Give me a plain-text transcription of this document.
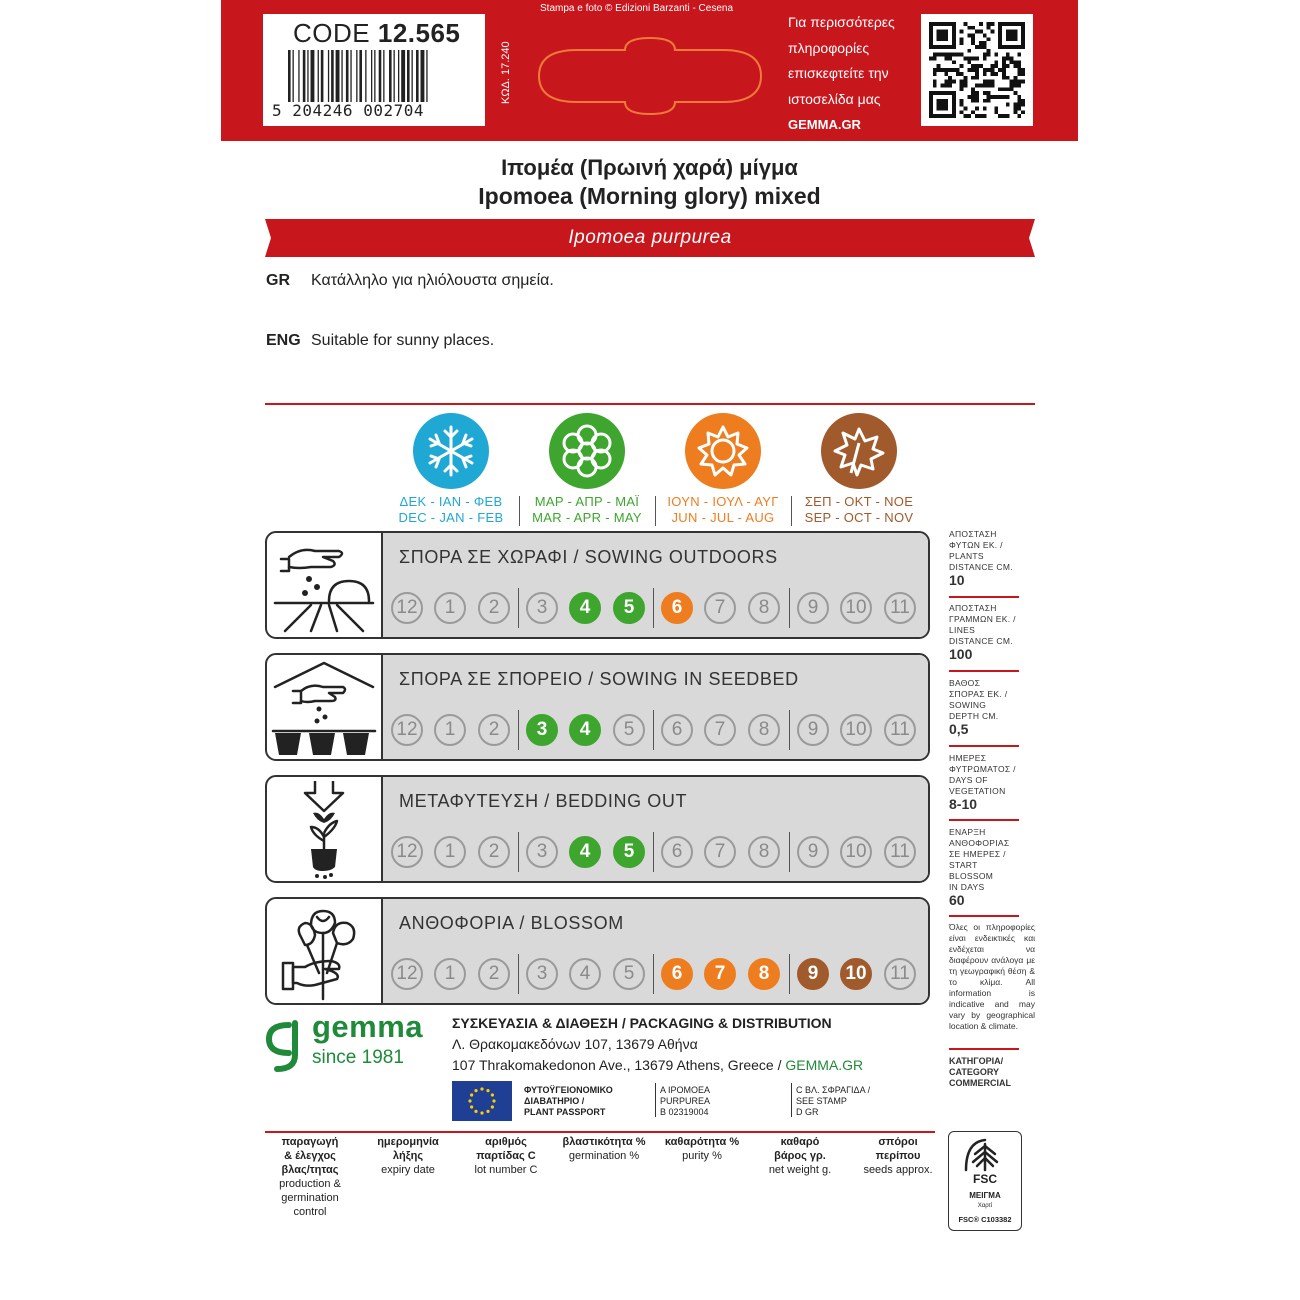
CODE 12.565
5 204246 002704
ΚΩΔ. 17.240
Stampa e foto © Edizioni Barzanti - Cesena
Για περισσότερες
πληροφορίες
επισκεφτείτε την
ιστοσελίδα μας
GEMMA.GR
Ιπομέα (Πρωινή χαρά) μίγμα
Ipomoea (Morning glory) mixed
Ipomoea purpurea
GR Κατάλληλο για ηλιόλουστα σημεία.
ENG Suitable for sunny places.
ΔΕΚ - ΙΑΝ - ΦΕΒ
DEC - JAN - FEB
ΜΑΡ - ΑΠΡ - ΜΑΪ
MAR - APR - MAY
ΙΟΥΝ - ΙΟΥΛ - ΑΥΓ
JUN - JUL - AUG
ΣΕΠ - ΟΚΤ - ΝΟΕ
SEP - OCT - NOV
ΣΠΟΡΑ ΣΕ ΧΩΡΑΦΙ / SOWING OUTDOORS
12	1	2	3	4	5	6	7	8	9	10	11
ΣΠΟΡΑ ΣΕ ΣΠΟΡΕΙΟ / SOWING IN SEEDBED
12	1	2	3	4	5	6	7	8	9	10	11
ΜΕΤΑΦΥΤΕΥΣΗ / BEDDING OUT
12	1	2	3	4	5	6	7	8	9	10	11
ΑΝΘΟΦΟΡΙΑ / BLOSSOM
12	1	2	3	4	5	6	7	8	9	10	11
ΑΠΟΣΤΑΣΗ
ΦΥΤΩΝ ΕΚ. /
PLANTS
DISTANCE CM.
10
ΑΠΟΣΤΑΣΗ
ΓΡΑΜΜΩΝ ΕΚ. /
LINES
DISTANCE CM.
100
ΒΑΘΟΣ
ΣΠΟΡΑΣ ΕΚ. /
SOWING
DEPTH CM.
0,5
ΗΜΕΡΕΣ
ΦΥΤΡΩΜΑΤΟΣ /
DAYS OF
VEGETATION
8-10
ΕΝΑΡΞΗ
ΑΝΘΟΦΟΡΙΑΣ
ΣΕ ΗΜΕΡΕΣ /
START
BLOSSOM
IN DAYS
60
Όλες οι πληροφορίες είναι ενδεικτικές και ενδέχεται να διαφέρουν ανάλογα με τη γεωγραφική θέση & το κλίμα. All information is indicative and may vary by geographical location & climate.
ΚΑΤΗΓΟΡΙΑ/
CATEGORY
COMMERCIAL
gemma
since 1981
ΣΥΣΚΕΥΑΣΙΑ & ΔΙΑΘΕΣΗ / PACKAGING & DISTRIBUTION
Λ. Θρακομακεδόνων 107, 13679 Αθήνα
107 Thrakomakedonon Ave., 13679 Athens, Greece / GEMMA.GR
ΦΥΤΟΫΓΕΙΟΝΟΜΙΚΟ
ΔΙΑΒΑΤΗΡΙΟ /
PLANT PASSPORT
A IPOMOEA
PURPUREA
B 02319004
C ΒΛ. ΣΦΡΑΓΙΔΑ /
SEE STAMP
D GR
παραγωγή
& έλεγχος
βλας/τητας
production &
germination
control
ημερομηνία
λήξης
expiry date
αριθμός
παρτίδας C
lot number C
βλαστικότητα %
germination %
καθαρότητα %
purity %
καθαρό
βάρος γρ.
net weight g.
σπόροι
περίπου
seeds approx.
FSC
ΜΕΙΓΜΑ
Χαρτί
FSC® C103382
